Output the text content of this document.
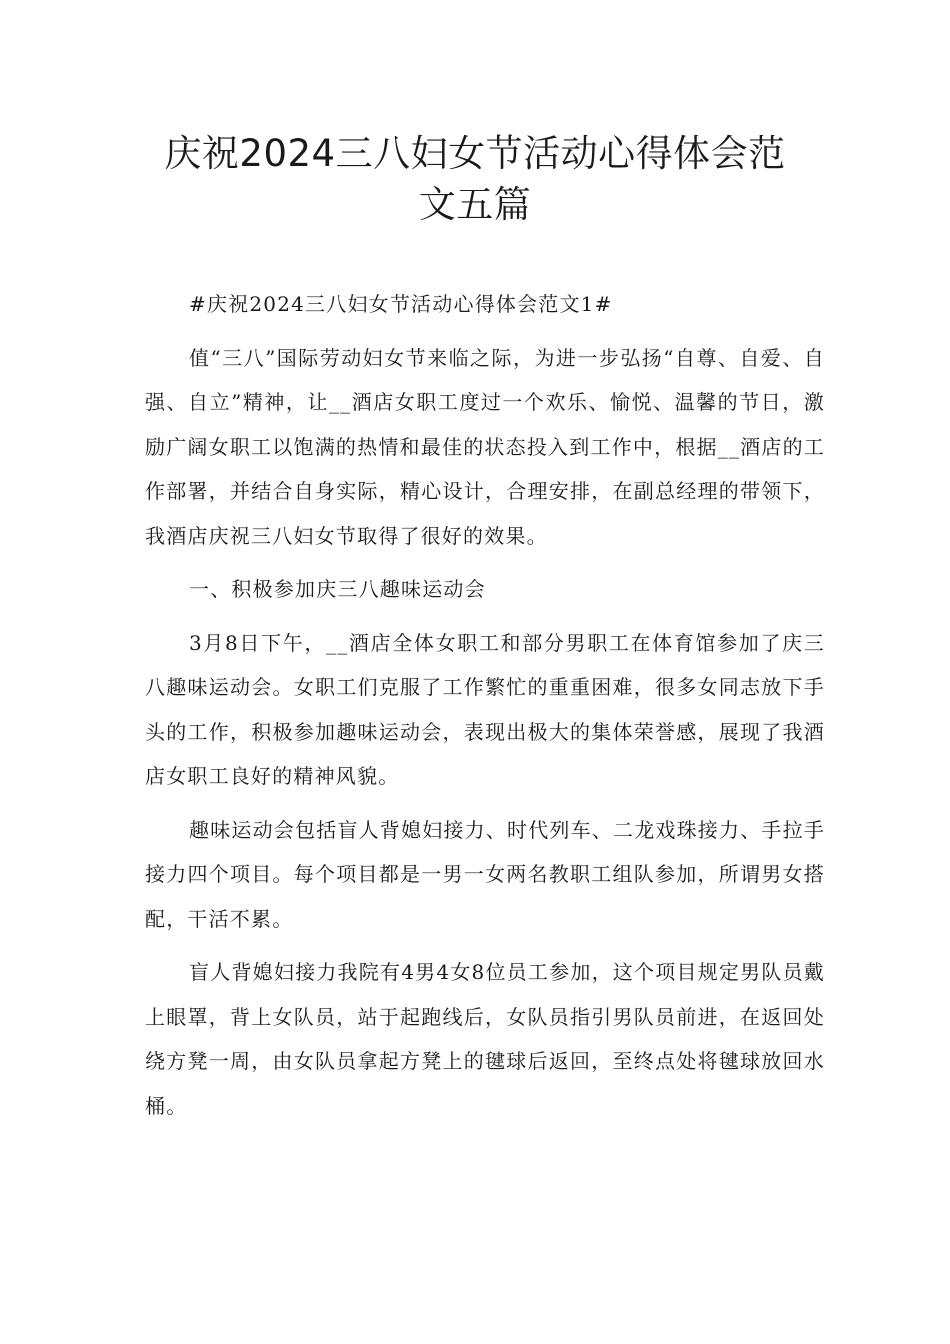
庆祝2024三八妇女节活动心得体会范
文五篇

#庆祝2024三八妇女节活动心得体会范文1#

值“三八”国际劳动妇女节来临之际，为进一步弘扬“自尊、自爱、自强、自立”精神，让__酒店女职工度过一个欢乐、愉悦、温馨的节日，激励广阔女职工以饱满的热情和最佳的状态投入到工作中，根据__酒店的工作部署，并结合自身实际，精心设计，合理安排，在副总经理的带领下，我酒店庆祝三八妇女节取得了很好的效果。

一、积极参加庆三八趣味运动会

3月8日下午，__酒店全体女职工和部分男职工在体育馆参加了庆三八趣味运动会。女职工们克服了工作繁忙的重重困难，很多女同志放下手头的工作，积极参加趣味运动会，表现出极大的集体荣誉感，展现了我酒店女职工良好的精神风貌。

趣味运动会包括盲人背媳妇接力、时代列车、二龙戏珠接力、手拉手接力四个项目。每个项目都是一男一女两名教职工组队参加，所谓男女搭配，干活不累。

盲人背媳妇接力我院有4男4女8位员工参加，这个项目规定男队员戴上眼罩，背上女队员，站于起跑线后，女队员指引男队员前进，在返回处绕方凳一周，由女队员拿起方凳上的毽球后返回，至终点处将毽球放回水桶。
